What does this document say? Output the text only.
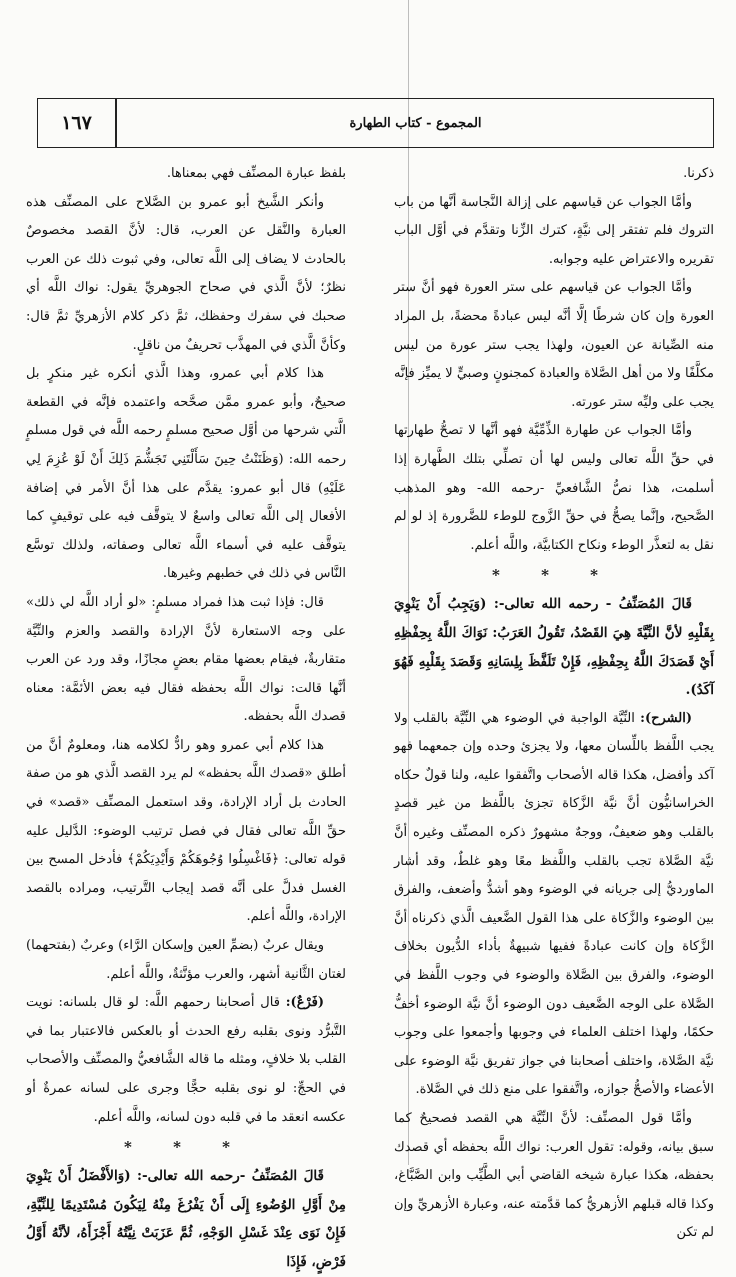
١٦٧	المجموع - كتاب الطهارة

ذكرنا.

وأمَّا الجواب عن قياسهم على إزالة النَّجاسة أنَّها من باب التروك فلم تفتقر إلى نيَّةٍ، كترك الزِّنا وتقدَّم في أوَّل الباب تقريره والاعتراض عليه وجوابه.

وأمَّا الجواب عن قياسهم على ستر العورة فهو أنَّ ستر العورة وإن كان شرطًا إلَّا أنَّه ليس عبادةً محضةً، بل المراد منه الصِّيانة عن العيون، ولهذا يجب ستر عورة من ليس مكلَّفًا ولا من أهل الصَّلاة والعبادة كمجنونٍ وصبيٍّ لا يميِّز فإنَّه يجب على وليِّه ستر عورته.

وأمَّا الجواب عن طهارة الذِّمِّيَّة فهو أنَّها لا تصحُّ طهارتها في حقِّ اللَّه تعالى وليس لها أن تصلِّي بتلك الطَّهارة إذا أسلمت، هذا نصُّ الشَّافعيِّ -رحمه الله- وهو المذهب الصَّحيح، وإنَّما يصحُّ في حقِّ الزَّوج للوطء للضَّرورة إذ لو لم نقل به لتعذَّر الوطء ونكاح الكتابيَّة، واللَّه أعلم.

* * *

قَالَ المُصَنِّفُ - رحمه الله تعالى-: (وَيَجِبُ أَنْ يَنْوِيَ بِقَلْبِهِ لأنَّ النِّيَّةَ هِيَ القَصْدُ، تَقُولُ العَرَبُ: نَوَاكَ اللَّهُ بِحِفْظِهِ أَيْ قَصَدَكَ اللَّهُ بِحِفْظِهِ، فَإِنْ تَلَفَّظَ بِلِسَانِهِ وَقَصَدَ بِقَلْبِهِ فَهُوَ آكَدُ).

(الشرح): النِّيَّة الواجبة في الوضوء هي النِّيَّة بالقلب ولا يجب اللَّفظ باللِّسان معها، ولا يجزئ وحده وإن جمعهما فهو آكد وأفضل، هكذا قاله الأصحاب واتَّفقوا عليه، ولنا قولٌ حكاه الخراسانيُّون أنَّ نيَّة الزَّكاة تجزئ باللَّفظ من غير قصدٍ بالقلب وهو ضعيفٌ، ووجهٌ مشهورٌ ذكره المصنِّف وغيره أنَّ نيَّة الصَّلاة تجب بالقلب واللَّفظ معًا وهو غلطٌ، وقد أشار الماورديُّ إلى جريانه في الوضوء وهو أشدُّ وأضعف، والفرق بين الوضوء والزَّكاة على هذا القول الضَّعيف الَّذي ذكرناه أنَّ الزَّكاة وإن كانت عبادةً ففيها شبيهةٌ بأداء الدُّيون بخلاف الوضوء، والفرق بين الصَّلاة والوضوء في وجوب اللَّفظ في الصَّلاة على الوجه الضَّعيف دون الوضوء أنَّ نيَّة الوضوء أخفُّ حكمًا، ولهذا اختلف العلماء في وجوبها وأجمعوا على وجوب نيَّة الصَّلاة، واختلف أصحابنا في جواز تفريق نيَّة الوضوء على الأعضاء والأصحُّ جوازه، واتَّفقوا على منع ذلك في الصَّلاة.

وأمَّا قول المصنِّف: لأنَّ النِّيَّة هي القصد فصحيحٌ كما سبق بيانه، وقوله: تقول العرب: نواك اللَّه بحفظه أي قصدك بحفظه، هكذا عبارة شيخه القاضي أبي الطَّيِّب وابن الصَّبَّاغ، وكذا قاله قبلهم الأزهريُّ كما قدَّمته عنه، وعبارة الأزهريِّ وإن لم تكن

بلفظ عبارة المصنِّف فهي بمعناها.

وأنكر الشَّيخ أبو عمرو بن الصَّلاح على المصنِّف هذه العبارة والنَّقل عن العرب، قال: لأنَّ القصد مخصوصٌ بالحادث لا يضاف إلى اللَّه تعالى، وفي ثبوت ذلك عن العرب نظرٌ؛ لأنَّ الَّذي في صحاح الجوهريِّ يقول: نواك اللَّه أي صحبك في سفرك وحفظك، ثمَّ ذكر كلام الأزهريِّ ثمَّ قال: وكأنَّ الَّذي في المهذَّب تحريفٌ من ناقلٍ.

هذا كلام أبي عمرو، وهذا الَّذي أنكره غير منكرٍ بل صحيحٌ، وأبو عمرو ممَّن صحَّحه واعتمده فإنَّه في القطعة الَّتي شرحها من أوَّل صحيح مسلمٍ رحمه اللَّه في قول مسلمٍ رحمه الله: (وَظَنَنْتُ حِينَ سَأَلْتَنِي تَجَشُّمَ ذَلِكَ أَنْ لَوْ عُزِمَ لِي عَلَيْهِ) قال أبو عمرو: يقدَّم على هذا أنَّ الأمر في إضافة الأفعال إلى اللَّه تعالى واسعٌ لا يتوقَّف فيه على توقيفٍ كما يتوقَّف عليه في أسماء اللَّه تعالى وصفاته، ولذلك توسَّع النَّاس في ذلك في خطبهم وغيرها.

قال: فإذا ثبت هذا فمراد مسلمٍ: «لو أراد اللَّه لي ذلك» على وجه الاستعارة لأنَّ الإرادة والقصد والعزم والنِّيَّة متقاربةٌ، فيقام بعضها مقام بعضٍ مجازًا، وقد ورد عن العرب أنَّها قالت: نواك اللَّه بحفظه فقال فيه بعض الأئمَّة: معناه قصدك اللَّه بحفظه.

هذا كلام أبي عمرو وهو رادٌّ لكلامه هنا، ومعلومٌ أنَّ من أطلق «قصدك اللَّه بحفظه» لم يرد القصد الَّذي هو من صفة الحادث بل أراد الإرادة، وقد استعمل المصنِّف «قصد» في حقِّ اللَّه تعالى فقال في فصل ترتيب الوضوء: الدَّليل عليه قوله تعالى: ﴿فَاغْسِلُوا وُجُوهَكُمْ وَأَيْدِيَكُمْ﴾ فأدخل المسح بين الغسل فدلَّ على أنَّه قصد إيجاب التَّرتيب، ومراده بالقصد الإرادة، واللَّه أعلم.

ويقال عربٌ (بضمِّ العين وإسكان الرَّاء) وعربٌ (بفتحهما) لغتان الثَّانية أشهر، والعرب مؤنَّثةٌ، واللَّه أعلم.

(فَرْعٌ): قال أصحابنا رحمهم اللَّه: لو قال بلسانه: نويت التَّبرُّد ونوى بقلبه رفع الحدث أو بالعكس فالاعتبار بما في القلب بلا خلافٍ، ومثله ما قاله الشَّافعيُّ والمصنِّف والأصحاب في الحجِّ: لو نوى بقلبه حجًّا وجرى على لسانه عمرةٌ أو عكسه انعقد ما في قلبه دون لسانه، واللَّه أعلم.

* * *

قَالَ المُصَنِّفُ -رحمه الله تعالى-: (وَالأَفْضَلُ أَنْ يَنْوِيَ مِنْ أَوَّلِ الوُضُوءِ إِلَى أَنْ يَفْرُغَ مِنْهُ لِيَكُونَ مُسْتَدِيمًا لِلنِّيَّةِ، فَإِنْ نَوَى عِنْدَ غَسْلِ الوَجْهِ، ثُمَّ عَزَبَتْ نِيَّتُهُ أَجْزَأَهُ، لأنَّهُ أَوَّلُ فَرْضٍ، فَإِذَا
